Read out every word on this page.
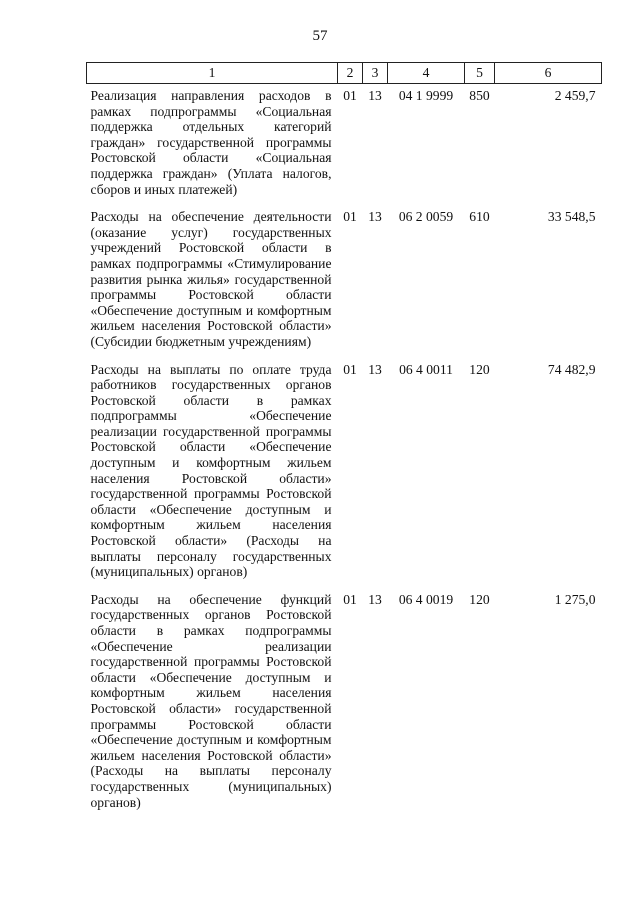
57
1	2	3	4	5	6
Реализация направления расходов в рамках подпрограммы «Социальная поддержка отдельных категорий граждан» государственной программы Ростовской области «Социальная поддержка граждан» (Уплата налогов, сборов и иных платежей)	01	13	04 1 9999	850	2 459,7
Расходы на обеспечение деятельности (оказание услуг) государственных учреждений Ростовской области в рамках подпрограммы «Стимулирование развития рынка жилья» государственной программы Ростовской области «Обеспечение доступным и комфортным жильем населения Ростовской области» (Субсидии бюджетным учреждениям)	01	13	06 2 0059	610	33 548,5
Расходы на выплаты по оплате труда работников государственных органов Ростовской области в рамках подпрограммы «Обеспечение реализации государственной программы Ростовской области «Обеспечение доступным и комфортным жильем населения Ростовской области» государственной программы Ростовской области «Обеспечение доступным и комфортным жильем населения Ростовской области» (Расходы на выплаты персоналу государственных (муниципальных) органов)	01	13	06 4 0011	120	74 482,9
Расходы на обеспечение функций государственных органов Ростовской области в рамках подпрограммы «Обеспечение реализации государственной программы Ростовской области «Обеспечение доступным и комфортным жильем населения Ростовской области» государственной программы Ростовской области «Обеспечение доступным и комфортным жильем населения Ростовской области» (Расходы на выплаты персоналу государственных (муниципальных) органов)	01	13	06 4 0019	120	1 275,0
